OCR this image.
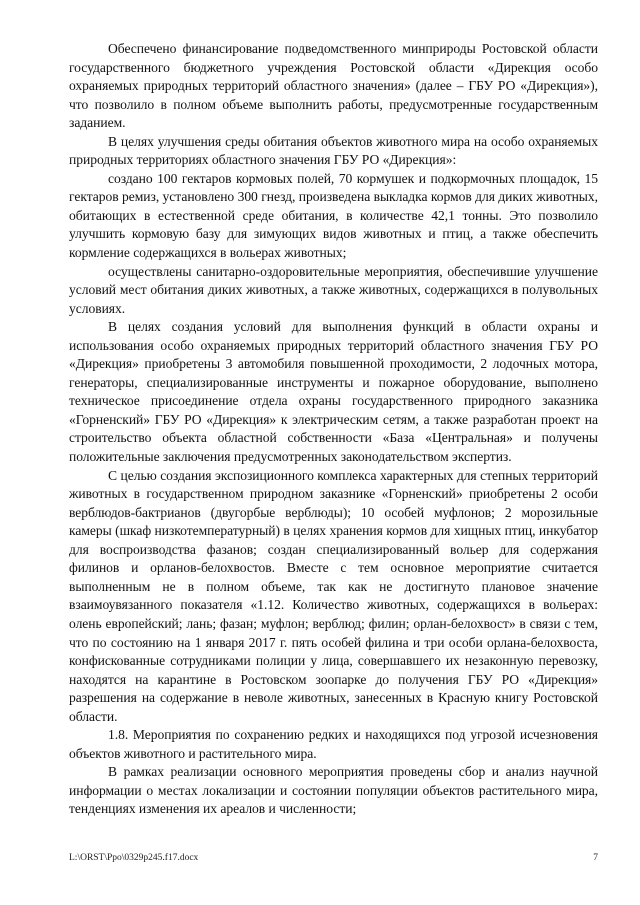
Обеспечено финансирование подведомственного минприроды Ростовской области государственного бюджетного учреждения Ростовской области «Дирекция особо охраняемых природных территорий областного значения» (далее – ГБУ РО «Дирекция»), что позволило в полном объеме выполнить работы, предусмотренные государственным заданием.

В целях улучшения среды обитания объектов животного мира на особо охраняемых природных территориях областного значения ГБУ РО «Дирекция»:

создано 100 гектаров кормовых полей, 70 кормушек и подкормочных площадок, 15 гектаров ремиз, установлено 300 гнезд, произведена выкладка кормов для диких животных, обитающих в естественной среде обитания, в количестве 42,1 тонны. Это позволило улучшить кормовую базу для зимующих видов животных и птиц, а также обеспечить кормление содержащихся в вольерах животных;

осуществлены санитарно-оздоровительные мероприятия, обеспечившие улучшение условий мест обитания диких животных, а также животных, содержащихся в полувольных условиях.

В целях создания условий для выполнения функций в области охраны и использования особо охраняемых природных территорий областного значения ГБУ РО «Дирекция» приобретены 3 автомобиля повышенной проходимости, 2 лодочных мотора, генераторы, специализированные инструменты и пожарное оборудование, выполнено техническое присоединение отдела охраны государственного природного заказника «Горненский» ГБУ РО «Дирекция» к электрическим сетям, а также разработан проект на строительство объекта областной собственности «База «Центральная» и получены положительные заключения предусмотренных законодательством экспертиз.

С целью создания экспозиционного комплекса характерных для степных территорий животных в государственном природном заказнике «Горненский» приобретены 2 особи верблюдов-бактрианов (двугорбые верблюды); 10 особей муфлонов; 2 морозильные камеры (шкаф низкотемпературный) в целях хранения кормов для хищных птиц, инкубатор для воспроизводства фазанов; создан специализированный вольер для содержания филинов и орланов-белохвостов. Вместе с тем основное мероприятие считается выполненным не в полном объеме, так как не достигнуто плановое значение взаимоувязанного показателя «1.12. Количество животных, содержащихся в вольерах: олень европейский; лань; фазан; муфлон; верблюд; филин; орлан-белохвост» в связи с тем, что по состоянию на 1 января 2017 г. пять особей филина и три особи орлана-белохвоста, конфискованные сотрудниками полиции у лица, совершавшего их незаконную перевозку, находятся на карантине в Ростовском зоопарке до получения ГБУ РО «Дирекция» разрешения на содержание в неволе животных, занесенных в Красную книгу Ростовской области.

1.8. Мероприятия по сохранению редких и находящихся под угрозой исчезновения объектов животного и растительного мира.

В рамках реализации основного мероприятия проведены сбор и анализ научной информации о местах локализации и состоянии популяции объектов растительного мира, тенденциях изменения их ареалов и численности;

L:\ORST\Ppo\0329p245.f17.docx	7
